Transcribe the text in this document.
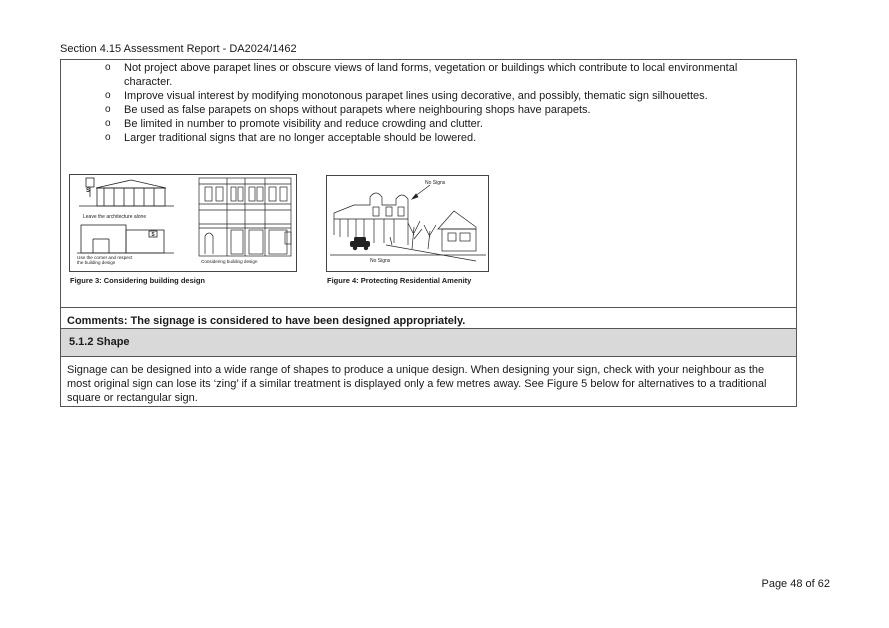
Section 4.15 Assessment Report - DA2024/1462
o Not project above parapet lines or obscure views of land forms, vegetation or buildings which contribute to local environmental character.
o Improve visual interest by modifying monotonous parapet lines using decorative, and possibly, thematic sign silhouettes.
o Be used as false parapets on shops without parapets where neighbouring shops have parapets.
o Be limited in number to promote visibility and reduce crowding and clutter.
o Larger traditional signs that are no longer acceptable should be lowered.
Leave the architecture alone
S
S
Use the corner and respect
the building design	Considering building design
Figure 3: Considering building design
No Signs
No Signs
Figure 4: Protecting Residential Amenity
Comments: The signage is considered to have been designed appropriately.
5.1.2 Shape
Signage can be designed into a wide range of shapes to produce a unique design. When designing your sign, check with your neighbour as the most original sign can lose its ‘zing’ if a similar treatment is displayed only a few metres away. See Figure 5 below for alternatives to a traditional square or rectangular sign.
Page 48 of 62
